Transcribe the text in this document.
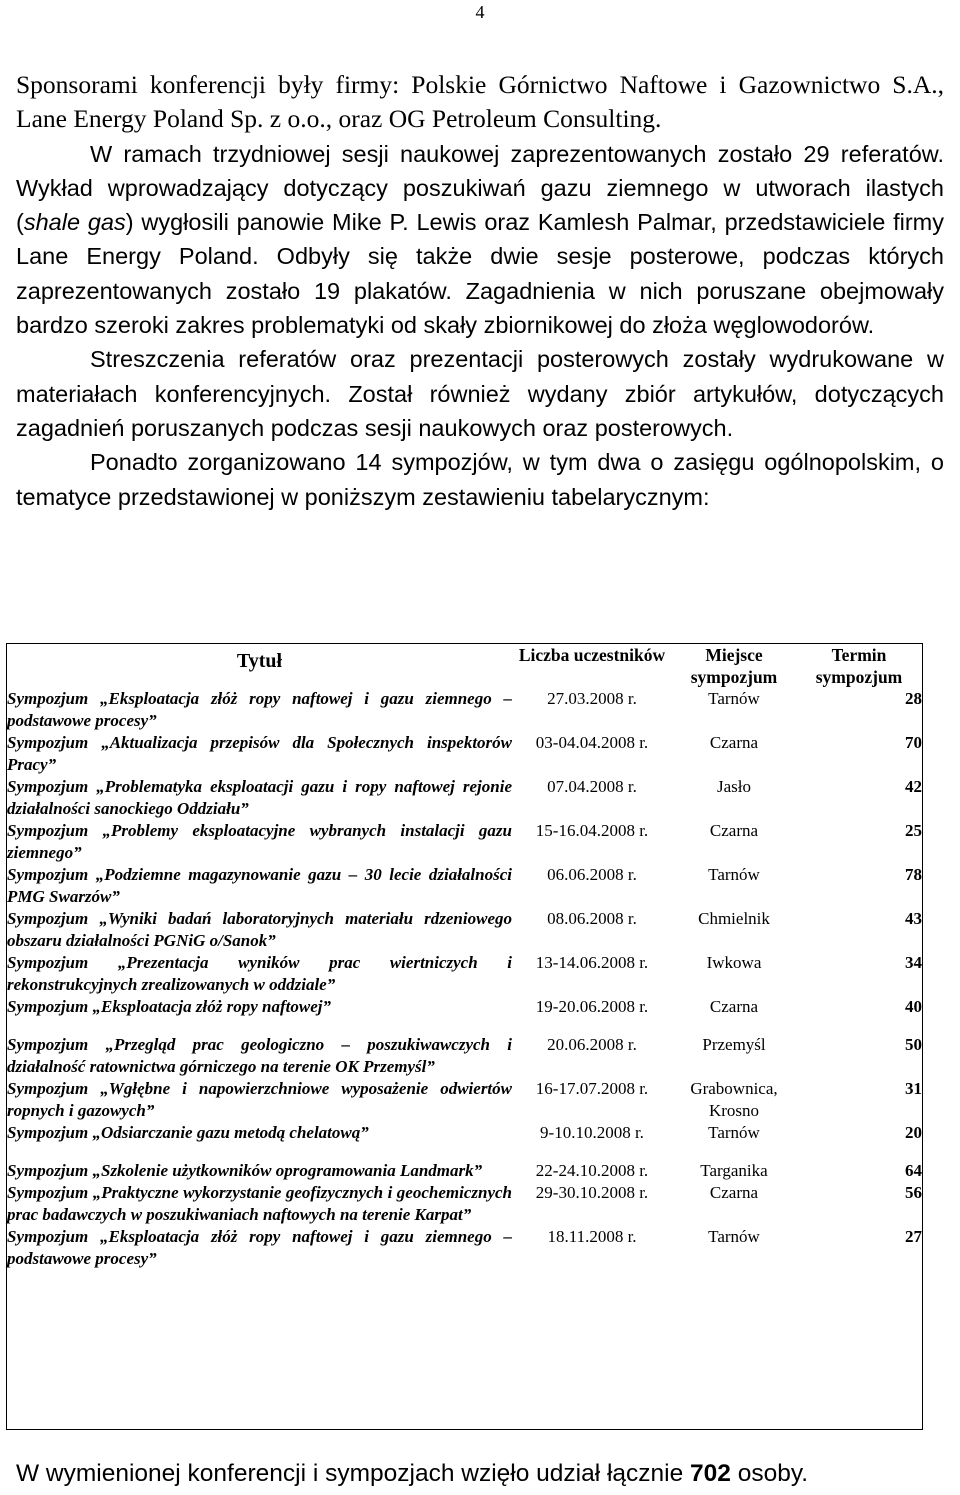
4

Sponsorami konferencji były firmy: Polskie Górnictwo Naftowe i Gazownictwo S.A., Lane Energy Poland Sp. z o.o., oraz OG Petroleum Consulting.

W ramach trzydniowej sesji naukowej zaprezentowanych zostało 29 referatów. Wykład wprowadzający dotyczący poszukiwań gazu ziemnego w utworach ilastych (shale gas) wygłosili panowie Mike P. Lewis oraz Kamlesh Palmar, przedstawiciele firmy Lane Energy Poland. Odbyły się także dwie sesje posterowe, podczas których zaprezentowanych zostało 19 plakatów. Zagadnienia w nich poruszane obejmowały bardzo szeroki zakres problematyki od skały zbiornikowej do złoża węglowodorów.

Streszczenia referatów oraz prezentacji posterowych zostały wydrukowane w materiałach konferencyjnych. Został również wydany zbiór artykułów, dotyczących zagadnień poruszanych podczas sesji naukowych oraz posterowych.

Ponadto zorganizowano 14 sympozjów, w tym dwa o zasięgu ogólnopolskim, o tematyce przedstawionej w poniższym zestawieniu tabelarycznym:

Tytuł	Liczba uczestników	Miejsce sympozjum	Termin sympozjum

Sympozjum „Eksploatacja złóż ropy naftowej i gazu ziemnego – podstawowe procesy”	27.03.2008 r.	Tarnów	28

Sympozjum „Aktualizacja przepisów dla Społecznych inspektorów Pracy”	03-04.04.2008 r.	Czarna	70

Sympozjum „Problematyka eksploatacji gazu i ropy naftowej rejonie działalności sanockiego Oddziału”	07.04.2008 r.	Jasło	42

Sympozjum „Problemy eksploatacyjne wybranych instalacji gazu ziemnego”	15-16.04.2008 r.	Czarna	25

Sympozjum „Podziemne magazynowanie gazu – 30 lecie działalności PMG Swarzów”	06.06.2008 r.	Tarnów	78

Sympozjum „Wyniki badań laboratoryjnych materiału rdzeniowego obszaru działalności PGNiG o/Sanok”	08.06.2008 r.	Chmielnik	43

Sympozjum „Prezentacja wyników prac wiertniczych i rekonstrukcyjnych zrealizowanych w oddziale”	13-14.06.2008 r.	Iwkowa	34

Sympozjum „Eksploatacja złóż ropy naftowej”	19-20.06.2008 r.	Czarna	40

Sympozjum „Przegląd prac geologiczno – poszukiwawczych i działalność ratownictwa górniczego na terenie OK Przemyśl”	20.06.2008 r.	Przemyśl	50

Sympozjum „Wgłębne i napowierzchniowe wyposażenie odwiertów ropnych i gazowych”	16-17.07.2008 r.	Grabownica, Krosno	31

Sympozjum „Odsiarczanie gazu metodą chelatową”	9-10.10.2008 r.	Tarnów	20

Sympozjum „Szkolenie użytkowników oprogramowania Landmark”	22-24.10.2008 r.	Targanika	64

Sympozjum „Praktyczne wykorzystanie geofizycznych i geochemicznych prac badawczych w poszukiwaniach naftowych na terenie Karpat”	29-30.10.2008 r.	Czarna	56

Sympozjum „Eksploatacja złóż ropy naftowej i gazu ziemnego – podstawowe procesy”	18.11.2008 r.	Tarnów	27
W wymienionej konferencji i sympozjach wzięło udział łącznie 702 osoby.
